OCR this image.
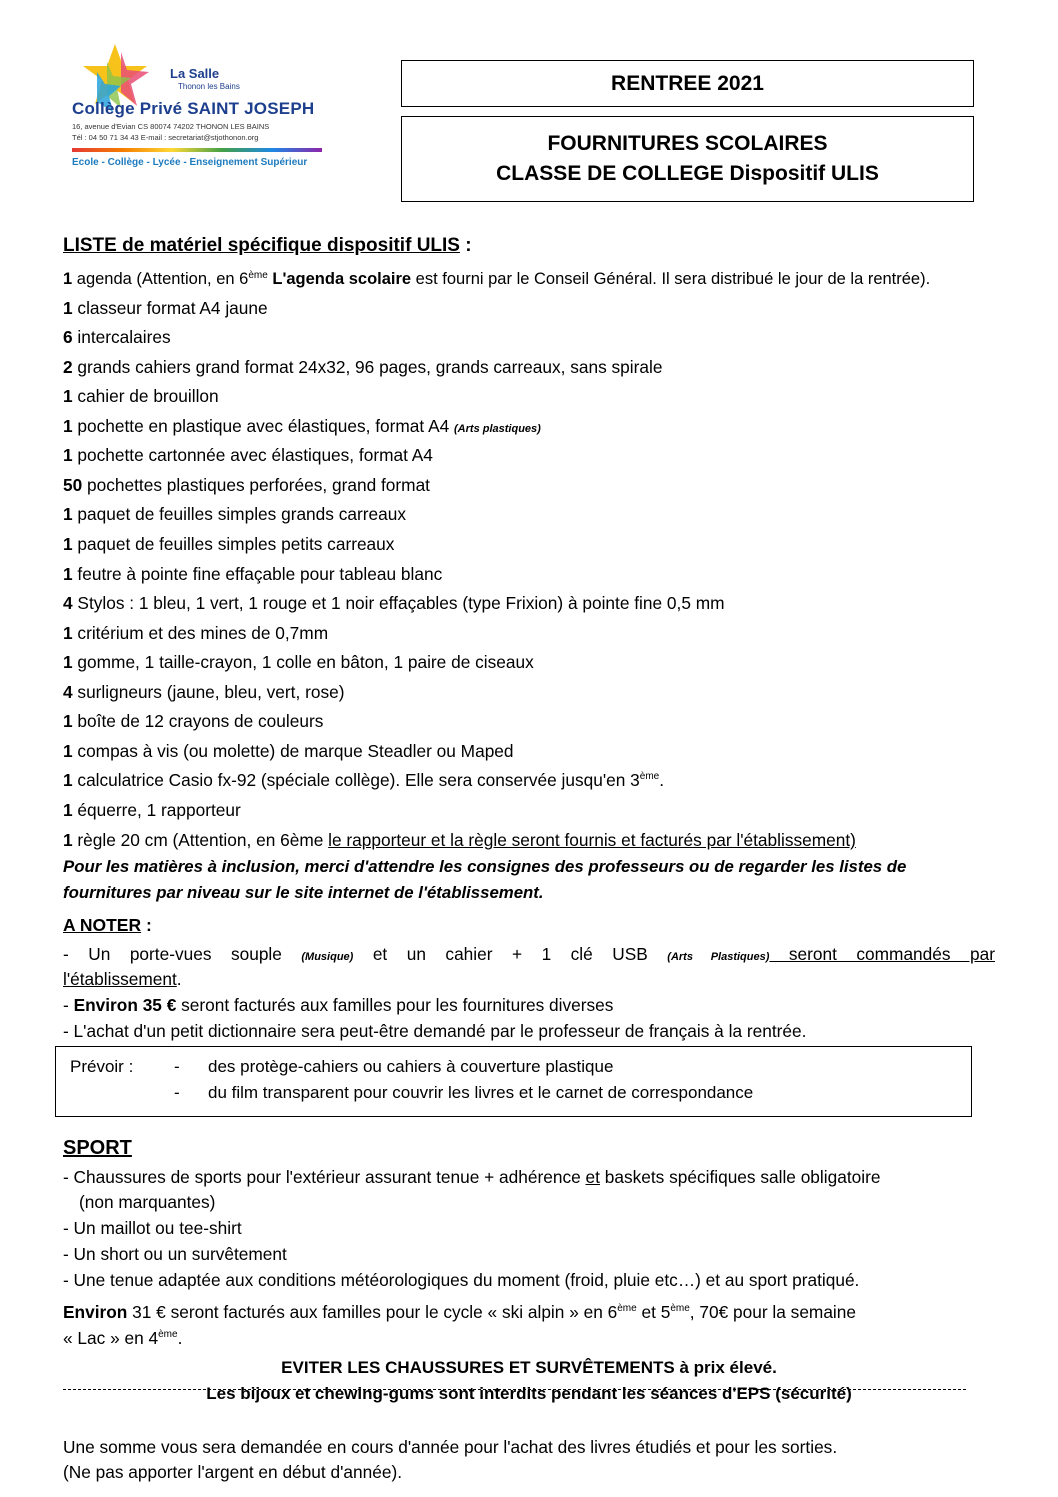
La Salle
Thonon les Bains
Collège Privé SAINT JOSEPH
16, avenue d'Evian CS 80074 74202 THONON LES BAINS
Tél : 04 50 71 34 43 E-mail : secretariat@stjothonon.org
Ecole - Collège - Lycée - Enseignement Supérieur
RENTREE 2021
FOURNITURES SCOLAIRES
CLASSE DE COLLEGE Dispositif ULIS
LISTE de matériel spécifique dispositif ULIS :
1 agenda (Attention, en 6ème L'agenda scolaire est fourni par le Conseil Général. Il sera distribué le jour de la rentrée).
1 classeur format A4 jaune
6 intercalaires
2 grands cahiers grand format 24x32, 96 pages, grands carreaux, sans spirale
1 cahier de brouillon
1 pochette en plastique avec élastiques, format A4 (Arts plastiques)
1 pochette cartonnée avec élastiques, format A4
50 pochettes plastiques perforées, grand format
1 paquet de feuilles simples grands carreaux
1 paquet de feuilles simples petits carreaux
1 feutre à pointe fine effaçable pour tableau blanc
4 Stylos : 1 bleu, 1 vert, 1 rouge et 1 noir effaçables (type Frixion) à pointe fine 0,5 mm
1 critérium et des mines de 0,7mm
1 gomme, 1 taille-crayon, 1 colle en bâton, 1 paire de ciseaux
4 surligneurs (jaune, bleu, vert, rose)
1 boîte de 12 crayons de couleurs
1 compas à vis (ou molette) de marque Steadler ou Maped
1 calculatrice Casio fx-92 (spéciale collège). Elle sera conservée jusqu'en 3ème.
1 équerre, 1 rapporteur
1 règle 20 cm (Attention, en 6ème le rapporteur et la règle seront fournis et facturés par l'établissement)
Pour les matières à inclusion, merci d'attendre les consignes des professeurs ou de regarder les listes de
fournitures par niveau sur le site internet de l'établissement.
A NOTER :
- Un porte-vues souple (Musique) et un cahier + 1 clé USB (Arts Plastiques) seront commandés par
l'établissement.
- Environ 35 € seront facturés aux familles pour les fournitures diverses
- L'achat d'un petit dictionnaire sera peut-être demandé par le professeur de français à la rentrée.
Prévoir : - des protège-cahiers ou cahiers à couverture plastique
- du film transparent pour couvrir les livres et le carnet de correspondance
SPORT
- Chaussures de sports pour l'extérieur assurant tenue + adhérence et baskets spécifiques salle obligatoire
(non marquantes)
- Un maillot ou tee-shirt
- Un short ou un survêtement
- Une tenue adaptée aux conditions météorologiques du moment (froid, pluie etc…) et au sport pratiqué.
Environ 31 € seront facturés aux familles pour le cycle « ski alpin » en 6ème et 5ème, 70€ pour la semaine
« Lac » en 4ème.
EVITER LES CHAUSSURES ET SURVÊTEMENTS à prix élevé.
Les bijoux et chewing-gums sont interdits pendant les séances d'EPS (sécurité)
Une somme vous sera demandée en cours d'année pour l'achat des livres étudiés et pour les sorties.
(Ne pas apporter l'argent en début d'année).
